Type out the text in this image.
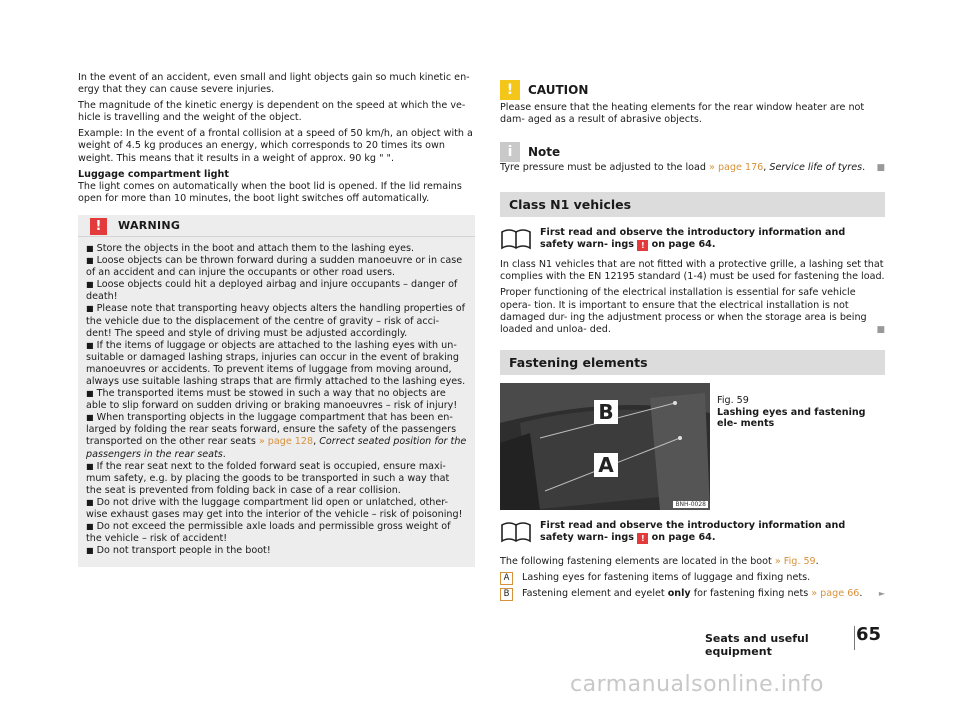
In the event of an accident, even small and light objects gain so much kinetic en- ergy that they can cause severe injuries.

The magnitude of the kinetic energy is dependent on the speed at which the ve- hicle is travelling and the weight of the object.

Example: In the event of a frontal collision at a speed of 50 km/h, an object with a weight of 4.5 kg produces an energy, which corresponds to 20 times its own weight. This means that it results in a weight of approx. 90 kg " ".

Luggage compartment light

The light comes on automatically when the boot lid is opened. If the lid remains open for more than 10 minutes, the boot light switches off automatically.

!	WARNING

■ Store the objects in the boot and attach them to the lashing eyes.

■ Loose objects can be thrown forward during a sudden manoeuvre or in case of an accident and can injure the occupants or other road users.

■ Loose objects could hit a deployed airbag and injure occupants – danger of death!

■ Please note that transporting heavy objects alters the handling properties of the vehicle due to the displacement of the centre of gravity – risk of acci- dent! The speed and style of driving must be adjusted accordingly.

■ If the items of luggage or objects are attached to the lashing eyes with un- suitable or damaged lashing straps, injuries can occur in the event of braking manoeuvres or accidents. To prevent items of luggage from moving around, always use suitable lashing straps that are firmly attached to the lashing eyes.

■ The transported items must be stowed in such a way that no objects are able to slip forward on sudden driving or braking manoeuvres – risk of injury!

■ When transporting objects in the luggage compartment that has been en- larged by folding the rear seats forward, ensure the safety of the passengers transported on the other rear seats » page 128, Correct seated position for the passengers in the rear seats.

■ If the rear seat next to the folded forward seat is occupied, ensure maxi- mum safety, e.g. by placing the goods to be transported in such a way that the seat is prevented from folding back in case of a rear collision.

■ Do not drive with the luggage compartment lid open or unlatched, other- wise exhaust gases may get into the interior of the vehicle – risk of poisoning!

■ Do not exceed the permissible axle loads and permissible gross weight of the vehicle – risk of accident!

■ Do not transport people in the boot!

!	CAUTION

Please ensure that the heating elements for the rear window heater are not dam- aged as a result of abrasive objects.

i	Note

Tyre pressure must be adjusted to the load » page 176, Service life of tyres. ■

Class N1 vehicles
First read and observe the introductory information and safety warn- ings ! on page 64.

In class N1 vehicles that are not fitted with a protective grille, a lashing set that complies with the EN 12195 standard (1-4) must be used for fastening the load.

Proper functioning of the electrical installation is essential for safe vehicle opera- tion. It is important to ensure that the electrical installation is not damaged dur- ing the adjustment process or when the storage area is being loaded and unloa- ded.	■

Fastening elements
B
A
BNH-0028
Fig. 59
Lashing eyes and fastening ele- ments
First read and observe the introductory information and safety warn- ings ! on page 64.

The following fastening elements are located in the boot » Fig. 59.

A	Lashing eyes for fastening items of luggage and fixing nets.
B	Fastening element and eyelet only for fastening fixing nets » page 66. ►
Seats and useful equipment
65
carmanualsonline.info
